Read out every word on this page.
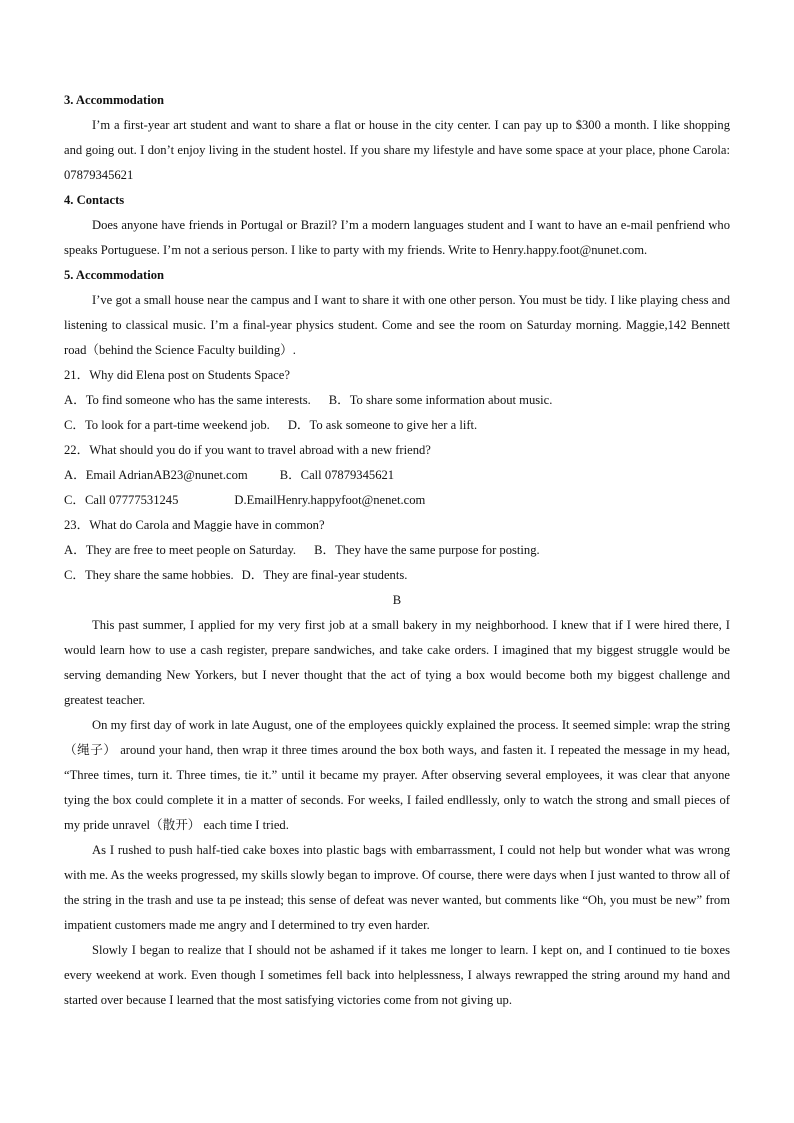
3. Accommodation

I’m a first-year art student and want to share a flat or house in the city center. I can pay up to $300 a month. I like shopping and going out. I don’t enjoy living in the student hostel. If you share my lifestyle and have some space at your place, phone Carola: 07879345621

4. Contacts

Does anyone have friends in Portugal or Brazil? I’m a modern languages student and I want to have an e-mail penfriend who speaks Portuguese. I’m not a serious person. I like to party with my friends. Write to Henry.happy.foot@nunet.com.

5. Accommodation

I’ve got a small house near the campus and I want to share it with one other person. You must be tidy. I like playing chess and listening to classical music. I’m a final-year physics student. Come and see the room on Saturday morning. Maggie,142 Bennett road（behind the Science Faculty building）.

21．Why did Elena post on Students Space?

A．To find someone who has the same interests. B．To share some information about music.

C．To look for a part-time weekend job. D．To ask someone to give her a lift.

22．What should you do if you want to travel abroad with a new friend?

A．Email AdrianAB23@nunet.com	B．Call 07879345621

C．Call 07777531245	D.EmailHenry.happyfoot@nenet.com

23．What do Carola and Maggie have in common?

A．They are free to meet people on Saturday. B．They have the same purpose for posting.

C．They share the same hobbies. D．They are final-year students.

B

This past summer, I applied for my very first job at a small bakery in my neighborhood. I knew that if I were hired there, I would learn how to use a cash register, prepare sandwiches, and take cake orders. I imagined that my biggest struggle would be serving demanding New Yorkers, but I never thought that the act of tying a box would become both my biggest challenge and greatest teacher.

On my first day of work in late August, one of the employees quickly explained the process. It seemed simple: wrap the string（绳子） around your hand, then wrap it three times around the box both ways, and fasten it. I repeated the message in my head, “Three times, turn it. Three times, tie it.” until it became my prayer. After observing several employees, it was clear that anyone tying the box could complete it in a matter of seconds. For weeks, I failed endllessly, only to watch the strong and small pieces of my pride unravel（散开） each time I tried.

As I rushed to push half-tied cake boxes into plastic bags with embarrassment, I could not help but wonder what was wrong with me. As the weeks progressed, my skills slowly began to improve. Of course, there were days when I just wanted to throw all of the string in the trash and use ta pe instead; this sense of defeat was never wanted, but comments like “Oh, you must be new” from impatient customers made me angry and I determined to try even harder.

Slowly I began to realize that I should not be ashamed if it takes me longer to learn. I kept on, and I continued to tie boxes every weekend at work. Even though I sometimes fell back into helplessness, I always rewrapped the string around my hand and started over because I learned that the most satisfying victories come from not giving up.
